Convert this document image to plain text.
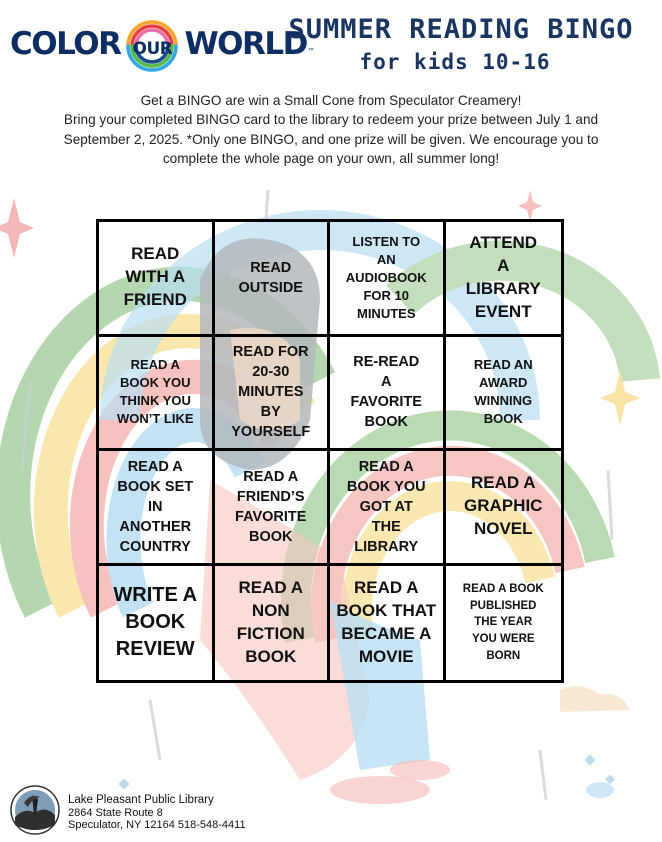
COLOR OUR WORLD ™
SUMMER READING BINGO
for kids 10-16
Get a BINGO are win a Small Cone from Speculator Creamery!
Bring your completed BINGO card to the library to redeem your prize between July 1 and
September 2, 2025. *Only one BINGO, and one prize will be given. We encourage you to
complete the whole page on your own, all summer long!
READ
WITH A
FRIEND
READ
OUTSIDE
LISTEN TO
AN
AUDIOBOOK
FOR 10
MINUTES
ATTEND
A
LIBRARY
EVENT
READ A
BOOK YOU
THINK YOU
WON’T LIKE
READ FOR
20-30
MINUTES
BY
YOURSELF
RE-READ
A
FAVORITE
BOOK
READ AN
AWARD
WINNING
BOOK
READ A
BOOK SET
IN
ANOTHER
COUNTRY
READ A
FRIEND’S
FAVORITE
BOOK
READ A
BOOK YOU
GOT AT
THE
LIBRARY
READ A
GRAPHIC
NOVEL
WRITE A
BOOK
REVIEW
READ A
NON
FICTION
BOOK
READ A
BOOK THAT
BECAME A
MOVIE
READ A BOOK
PUBLISHED
THE YEAR
YOU WERE
BORN
Lake Pleasant Public Library
2864 State Route 8
Speculator, NY 12164 518-548-4411
